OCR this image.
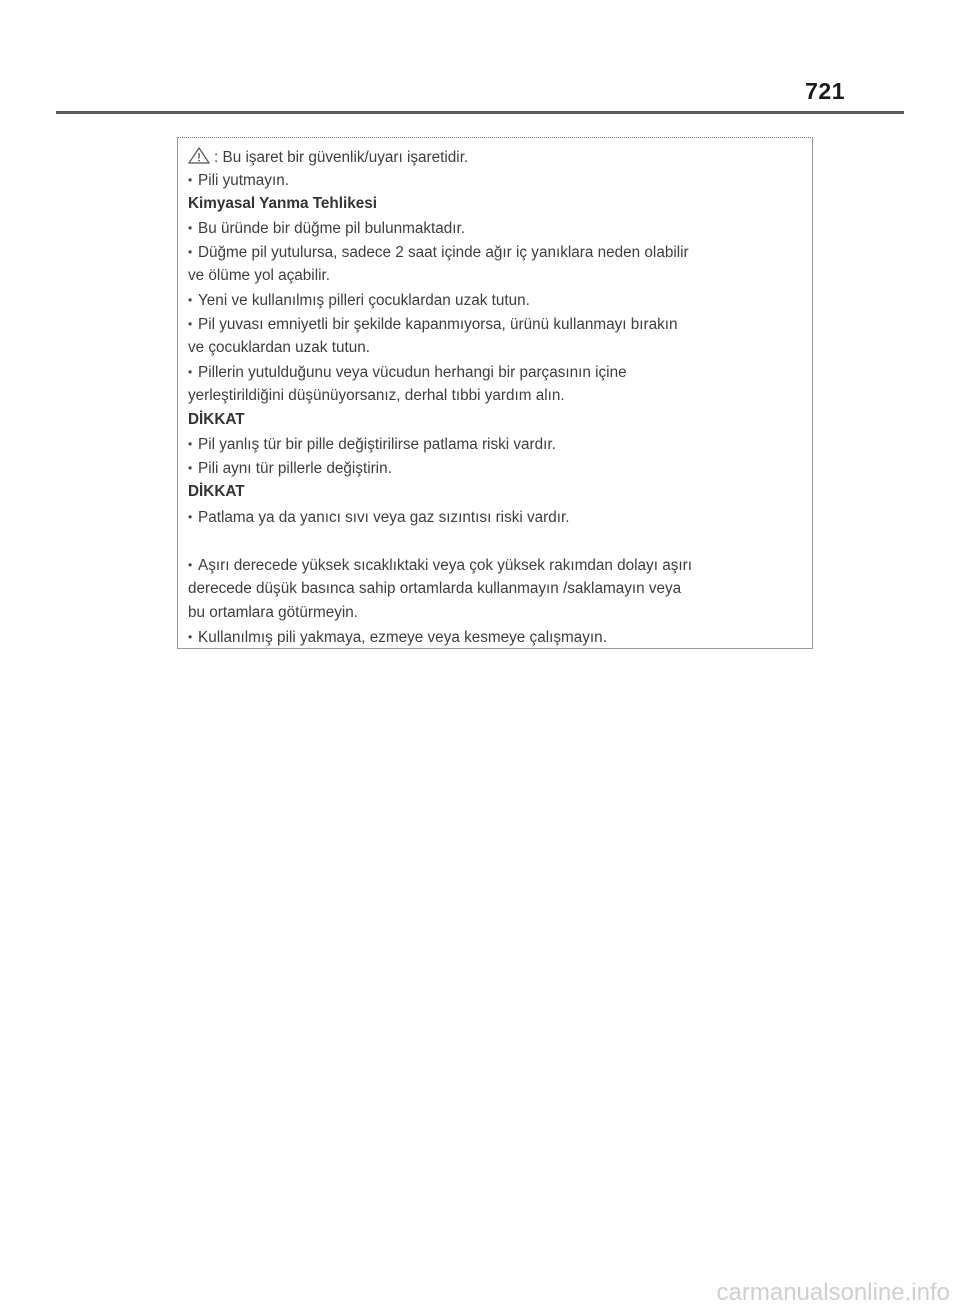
721
: Bu işaret bir güvenlik/uyarı işaretidir.
• Pili yutmayın.
Kimyasal Yanma Tehlikesi
• Bu üründe bir düğme pil bulunmaktadır.
• Düğme pil yutulursa, sadece 2 saat içinde ağır iç yanıklara neden olabilir
ve ölüme yol açabilir.
• Yeni ve kullanılmış pilleri çocuklardan uzak tutun.
• Pil yuvası emniyetli bir şekilde kapanmıyorsa, ürünü kullanmayı bırakın
ve çocuklardan uzak tutun.
• Pillerin yutulduğunu veya vücudun herhangi bir parçasının içine
yerleştirildiğini düşünüyorsanız, derhal tıbbi yardım alın.
DİKKAT
• Pil yanlış tür bir pille değiştirilirse patlama riski vardır.
• Pili aynı tür pillerle değiştirin.
DİKKAT
• Patlama ya da yanıcı sıvı veya gaz sızıntısı riski vardır.
• Aşırı derecede yüksek sıcaklıktaki veya çok yüksek rakımdan dolayı aşırı
derecede düşük basınca sahip ortamlarda kullanmayın /saklamayın veya
bu ortamlara götürmeyin.
• Kullanılmış pili yakmaya, ezmeye veya kesmeye çalışmayın.
carmanualsonline.info
